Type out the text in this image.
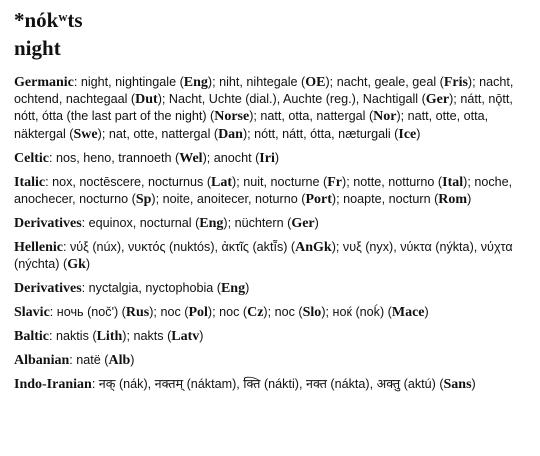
*nókʷts
night

Germanic: night, nightingale (Eng); niht, nihtegale (OE); nacht, geale, geal (Fris); nacht, ochtend, nachtegaal (Dut); Nacht, Uchte (dial.), Auchte (reg.), Nachtigall (Ger); nátt, nǭtt, nótt, ótta (the last part of the night) (Norse); natt, otta, nattergal (Nor); natt, otte, otta, näktergal (Swe); nat, otte, nattergal (Dan); nótt, nátt, ótta, næturgali (Ice)

Celtic: nos, heno, trannoeth (Wel); anocht (Iri)

Italic: nox, noctēscere, nocturnus (Lat); nuit, nocturne (Fr); notte, notturno (Ital); noche, anochecer, nocturno (Sp); noite, anoitecer, noturno (Port); noapte, nocturn (Rom)

Derivatives: equinox, nocturnal (Eng); nüchtern (Ger)

Hellenic: νύξ (núx), νυκτός (nuktós), ἀκτῖς (aktī̃s) (AnGk); νυξ (nyx), νύκτα (nýkta), νύχτα (nýchta) (Gk)

Derivatives: nyctalgia, nyctophobia (Eng)

Slavic: ночь (noč') (Rus); noc (Pol); noc (Cz); noc (Slo); нoќ (noḱ) (Mace)

Baltic: naktis (Lith); nakts (Latv)

Albanian: natë (Alb)

Indo-Iranian: नक् (nák), नक्तम् (náktam), क्ति (nákti), नक्त (nákta), अक्तु (aktú) (Sans)
